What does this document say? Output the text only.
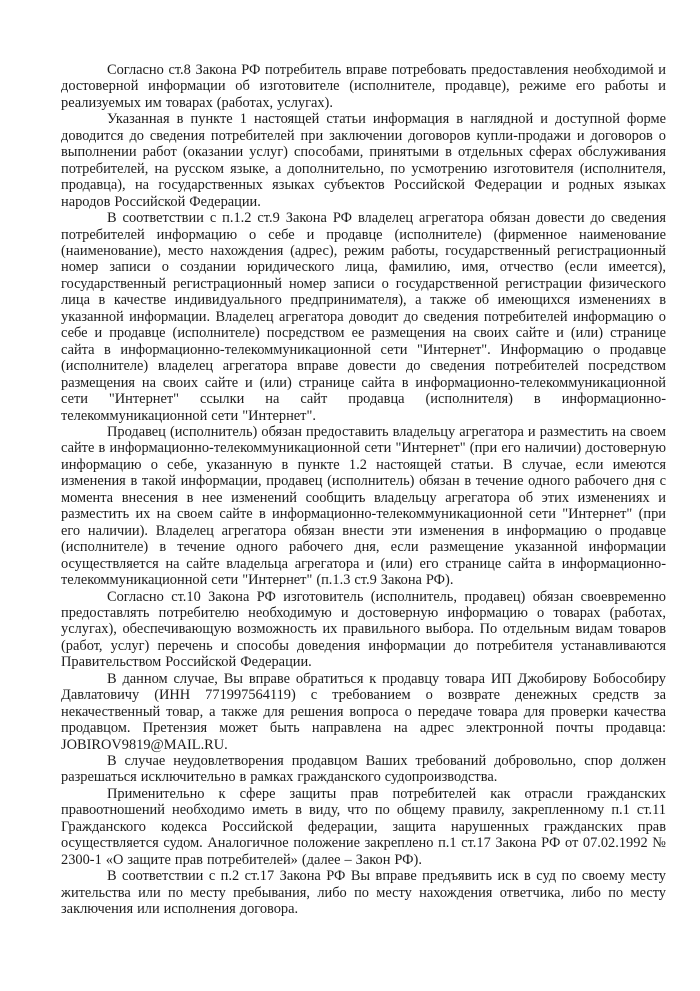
Согласно ст.8 Закона РФ потребитель вправе потребовать предоставления необходимой и достоверной информации об изготовителе (исполнителе, продавце), режиме его работы и реализуемых им товарах (работах, услугах).

Указанная в пункте 1 настоящей статьи информация в наглядной и доступной форме доводится до сведения потребителей при заключении договоров купли-продажи и договоров о выполнении работ (оказании услуг) способами, принятыми в отдельных сферах обслуживания потребителей, на русском языке, а дополнительно, по усмотрению изготовителя (исполнителя, продавца), на государственных языках субъектов Российской Федерации и родных языках народов Российской Федерации.

В соответствии с п.1.2 ст.9 Закона РФ владелец агрегатора обязан довести до сведения потребителей информацию о себе и продавце (исполнителе) (фирменное наименование (наименование), место нахождения (адрес), режим работы, государственный регистрационный номер записи о создании юридического лица, фамилию, имя, отчество (если имеется), государственный регистрационный номер записи о государственной регистрации физического лица в качестве индивидуального предпринимателя), а также об имеющихся изменениях в указанной информации. Владелец агрегатора доводит до сведения потребителей информацию о себе и продавце (исполнителе) посредством ее размещения на своих сайте и (или) странице сайта в информационно-телекоммуникационной сети "Интернет". Информацию о продавце (исполнителе) владелец агрегатора вправе довести до сведения потребителей посредством размещения на своих сайте и (или) странице сайта в информационно-телекоммуникационной сети "Интернет" ссылки на сайт продавца (исполнителя) в информационно-телекоммуникационной сети "Интернет".

Продавец (исполнитель) обязан предоставить владельцу агрегатора и разместить на своем сайте в информационно-телекоммуникационной сети "Интернет" (при его наличии) достоверную информацию о себе, указанную в пункте 1.2 настоящей статьи. В случае, если имеются изменения в такой информации, продавец (исполнитель) обязан в течение одного рабочего дня с момента внесения в нее изменений сообщить владельцу агрегатора об этих изменениях и разместить их на своем сайте в информационно-телекоммуникационной сети "Интернет" (при его наличии). Владелец агрегатора обязан внести эти изменения в информацию о продавце (исполнителе) в течение одного рабочего дня, если размещение указанной информации осуществляется на сайте владельца агрегатора и (или) его странице сайта в информационно-телекоммуникационной сети "Интернет" (п.1.3 ст.9 Закона РФ).

Согласно ст.10 Закона РФ изготовитель (исполнитель, продавец) обязан своевременно предоставлять потребителю необходимую и достоверную информацию о товарах (работах, услугах), обеспечивающую возможность их правильного выбора. По отдельным видам товаров (работ, услуг) перечень и способы доведения информации до потребителя устанавливаются Правительством Российской Федерации.

В данном случае, Вы вправе обратиться к продавцу товара ИП Джобирову Бобособиру Давлатовичу (ИНН 771997564119) с требованием о возврате денежных средств за некачественный товар, а также для решения вопроса о передаче товара для проверки качества продавцом. Претензия может быть направлена на адрес электронной почты продавца: JOBIROV9819@MAIL.RU.

В случае неудовлетворения продавцом Ваших требований добровольно, спор должен разрешаться исключительно в рамках гражданского судопроизводства.

Применительно к сфере защиты прав потребителей как отрасли гражданских правоотношений необходимо иметь в виду, что по общему правилу, закрепленному п.1 ст.11 Гражданского кодекса Российской федерации, защита нарушенных гражданских прав осуществляется судом. Аналогичное положение закреплено п.1 ст.17 Закона РФ от 07.02.1992 № 2300-1 «О защите прав потребителей» (далее – Закон РФ).

В соответствии с п.2 ст.17 Закона РФ Вы вправе предъявить иск в суд по своему месту жительства или по месту пребывания, либо по месту нахождения ответчика, либо по месту заключения или исполнения договора.
